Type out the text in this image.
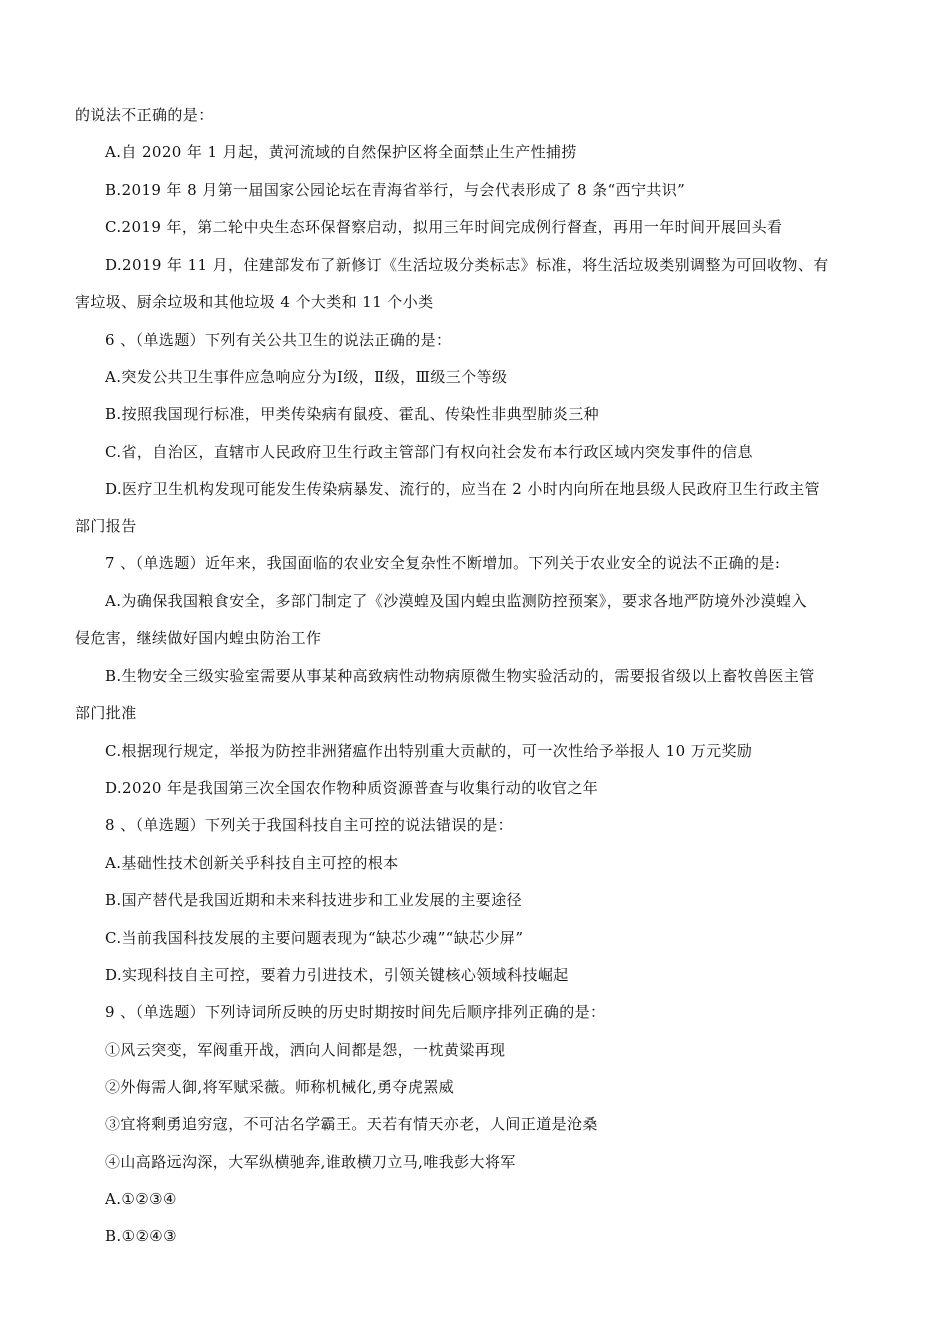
的说法不正确的是：
A.自 2020 年 1 月起，黄河流域的自然保护区将全面禁止生产性捕捞
B.2019 年 8 月第一届国家公园论坛在青海省举行，与会代表形成了 8 条“西宁共识”
C.2019 年，第二轮中央生态环保督察启动，拟用三年时间完成例行督查，再用一年时间开展回头看
D.2019 年 11 月，住建部发布了新修订《生活垃圾分类标志》标准，将生活垃圾类别调整为可回收物、有
害垃圾、厨余垃圾和其他垃圾 4 个大类和 11 个小类
6 、（单选题）下列有关公共卫生的说法正确的是：
A.突发公共卫生事件应急响应分为Ⅰ级，Ⅱ级，Ⅲ级三个等级
B.按照我国现行标准，甲类传染病有鼠疫、霍乱、传染性非典型肺炎三种
C.省，自治区，直辖市人民政府卫生行政主管部门有权向社会发布本行政区域内突发事件的信息
D.医疗卫生机构发现可能发生传染病暴发、流行的，应当在 2 小时内向所在地县级人民政府卫生行政主管
部门报告
7 、（单选题）近年来，我国面临的农业安全复杂性不断增加。下列关于农业安全的说法不正确的是:
A.为确保我国粮食安全，多部门制定了《沙漠蝗及国内蝗虫监测防控预案》，要求各地严防境外沙漠蝗入
侵危害，继续做好国内蝗虫防治工作
B.生物安全三级实验室需要从事某种高致病性动物病原微生物实验活动的，需要报省级以上畜牧兽医主管
部门批准
C.根据现行规定，举报为防控非洲猪瘟作出特别重大贡献的，可一次性给予举报人 10 万元奖励
D.2020 年是我国第三次全国农作物种质资源普查与收集行动的收官之年
8 、（单选题）下列关于我国科技自主可控的说法错误的是：
A.基础性技术创新关乎科技自主可控的根本
B.国产替代是我国近期和未来科技进步和工业发展的主要途径
C.当前我国科技发展的主要问题表现为“缺芯少魂”“缺芯少屏”
D.实现科技自主可控，要着力引进技术，引领关键核心领域科技崛起
9 、（单选题）下列诗词所反映的历史时期按时间先后顺序排列正确的是：
①风云突变，军阀重开战，洒向人间都是怨，一枕黄粱再现
②外侮需人御,将军赋采薇。师称机械化,勇夺虎罴威
③宜将剩勇追穷寇，不可沽名学霸王。天若有情天亦老，人间正道是沧桑
④山高路远沟深，大军纵横驰奔,谁敢横刀立马,唯我彭大将军
A.①②③④
B.①②④③
